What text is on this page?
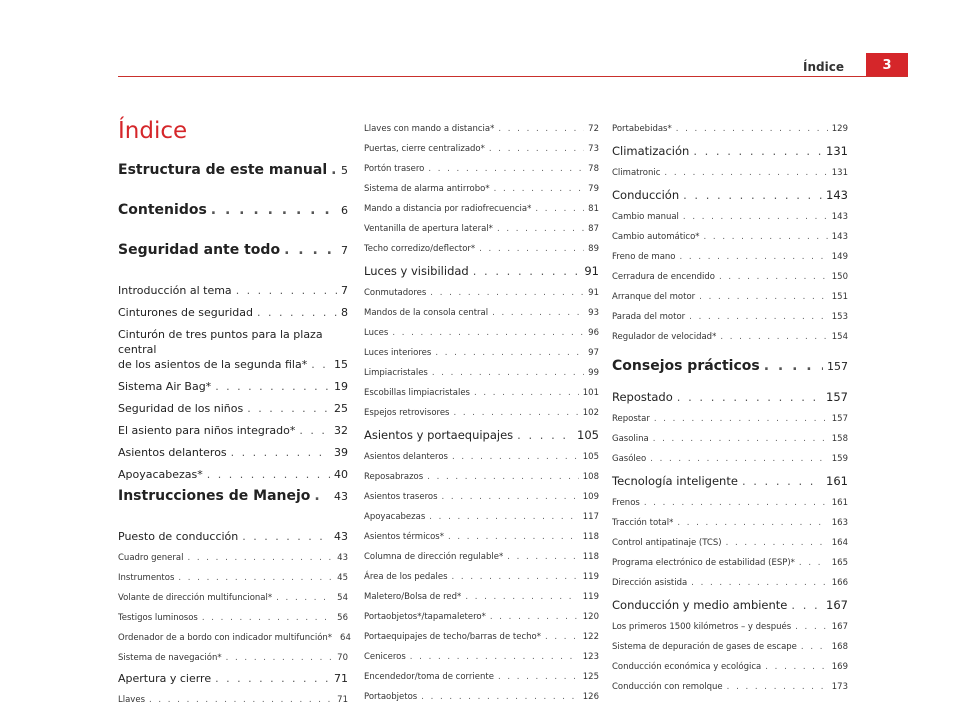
Índice	3
Índice
Estructura de este manual . . . 5
Contenidos . . .	6
Seguridad ante todo . . .	7
Introducción al tema . . .	7
Cinturones de seguridad . . .	8
Cinturón de tres puntos para la plaza central
de los asientos de la segunda fila* . . . 15
Sistema Air Bag* . . .	19
Seguridad de los niños . . .	25
El asiento para niños integrado* . . .	32
Asientos delanteros . . .	39
Apoyacabezas* . . .	40
Instrucciones de Manejo . . . 43
Puesto de conducción . . .	43
Cuadro general . . .	43
Instrumentos . . .	45
Volante de dirección multifuncional* . . .	54
Testigos luminosos . . .	56
Ordenador de a bordo con indicador multifunción* 64
Sistema de navegación* . . .	70
Apertura y cierre . . .	71
Llaves . . .	71
Llaves con mando a distancia* . . .	72
Puertas, cierre centralizado* . . .	73
Portón trasero . . .	78
Sistema de alarma antirrobo* . . .	79
Mando a distancia por radiofrecuencia* . . .	81
Ventanilla de apertura lateral* . . .	87
Techo corredizo/deflector* . . .	89
Luces y visibilidad . . .	91
Conmutadores . . .	91
Mandos de la consola central . . .	93
Luces . . .	96
Luces interiores . . .	97
Limpiacristales . . .	99
Escobillas limpiacristales . . .	101
Espejos retrovisores . . .	102
Asientos y portaequipajes . . .	105
Asientos delanteros . . .	105
Reposabrazos . . .	108
Asientos traseros . . .	109
Apoyacabezas . . .	117
Asientos térmicos* . . .	118
Columna de dirección regulable* . . .	118
Área de los pedales . . .	119
Maletero/Bolsa de red* . . .	119
Portaobjetos*/tapamaletero* . . .	120
Portaequipajes de techo/barras de techo* . . .	122
Ceniceros . . .	123
Encendedor/toma de corriente . . .	125
Portaobjetos . . .	126
Portabebidas* . . .	129
Climatización . . .	131
Climatronic . . .	131
Conducción . . .	143
Cambio manual . . .	143
Cambio automático* . . .	143
Freno de mano . . .	149
Cerradura de encendido . . .	150
Arranque del motor . . .	151
Parada del motor . . .	153
Regulador de velocidad* . . .	154
Consejos prácticos . . .	157
Repostado . . .	157
Repostar . . .	157
Gasolina . . .	158
Gasóleo . . .	159
Tecnología inteligente . . .	161
Frenos . . .	161
Tracción total* . . .	163
Control antipatinaje (TCS) . . .	164
Programa electrónico de estabilidad (ESP)* . . .	165
Dirección asistida . . .	166
Conducción y medio ambiente . . .	167
Los primeros 1500 kilómetros – y después . . .	167
Sistema de depuración de gases de escape . . .	168
Conducción económica y ecológica . . .	169
Conducción con remolque . . .	173
